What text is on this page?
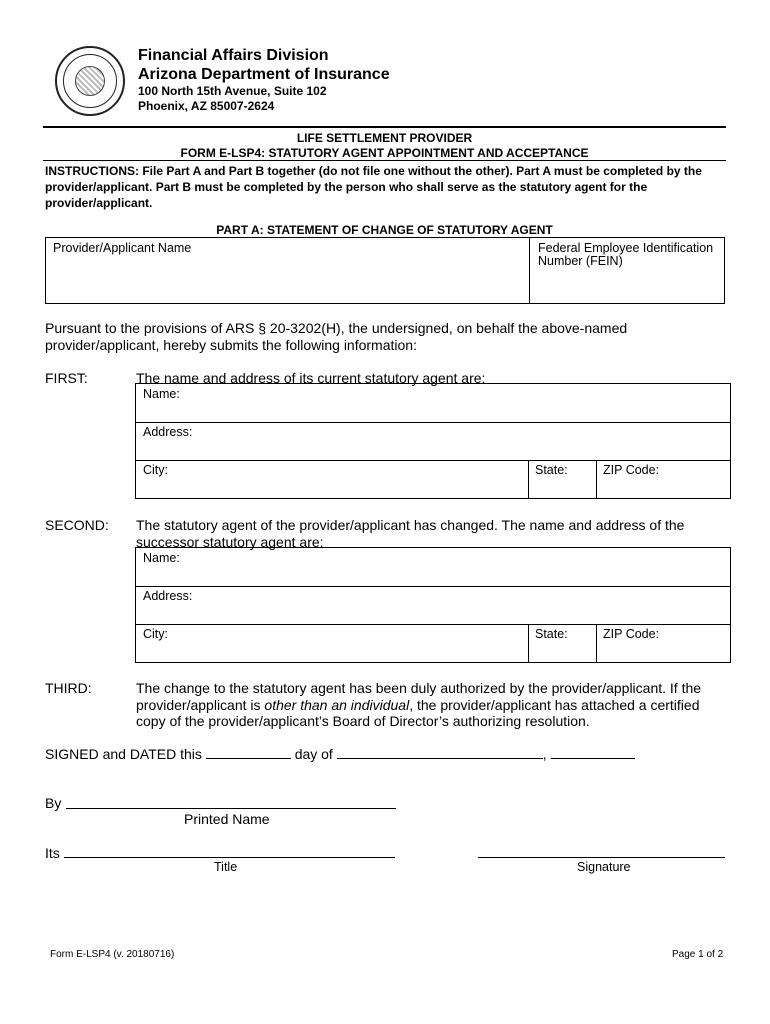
Financial Affairs Division
Arizona Department of Insurance
100 North 15th Avenue, Suite 102
Phoenix, AZ 85007-2624
LIFE SETTLEMENT PROVIDER
FORM E-LSP4: STATUTORY AGENT APPOINTMENT AND ACCEPTANCE
INSTRUCTIONS: File Part A and Part B together (do not file one without the other). Part A must be completed by the provider/applicant. Part B must be completed by the person who shall serve as the statutory agent for the provider/applicant.
PART A: STATEMENT OF CHANGE OF STATUTORY AGENT
Provider/Applicant Name	Federal Employee Identification Number (FEIN)
Pursuant to the provisions of ARS § 20-3202(H), the undersigned, on behalf the above-named provider/applicant, hereby submits the following information:
FIRST:	The name and address of its current statutory agent are:
Name:
Address:
City:	State:	ZIP Code:
SECOND: The statutory agent of the provider/applicant has changed. The name and address of the successor statutory agent are:
Name:
Address:
City:	State:	ZIP Code:
THIRD:	The change to the statutory agent has been duly authorized by the provider/applicant. If the provider/applicant is other than an individual, the provider/applicant has attached a certified copy of the provider/applicant’s Board of Director’s authorizing resolution.
SIGNED and DATED this	day of	,
By
Printed Name
Its
Title	Signature
Form E-LSP4 (v. 20180716)	Page 1 of 2
